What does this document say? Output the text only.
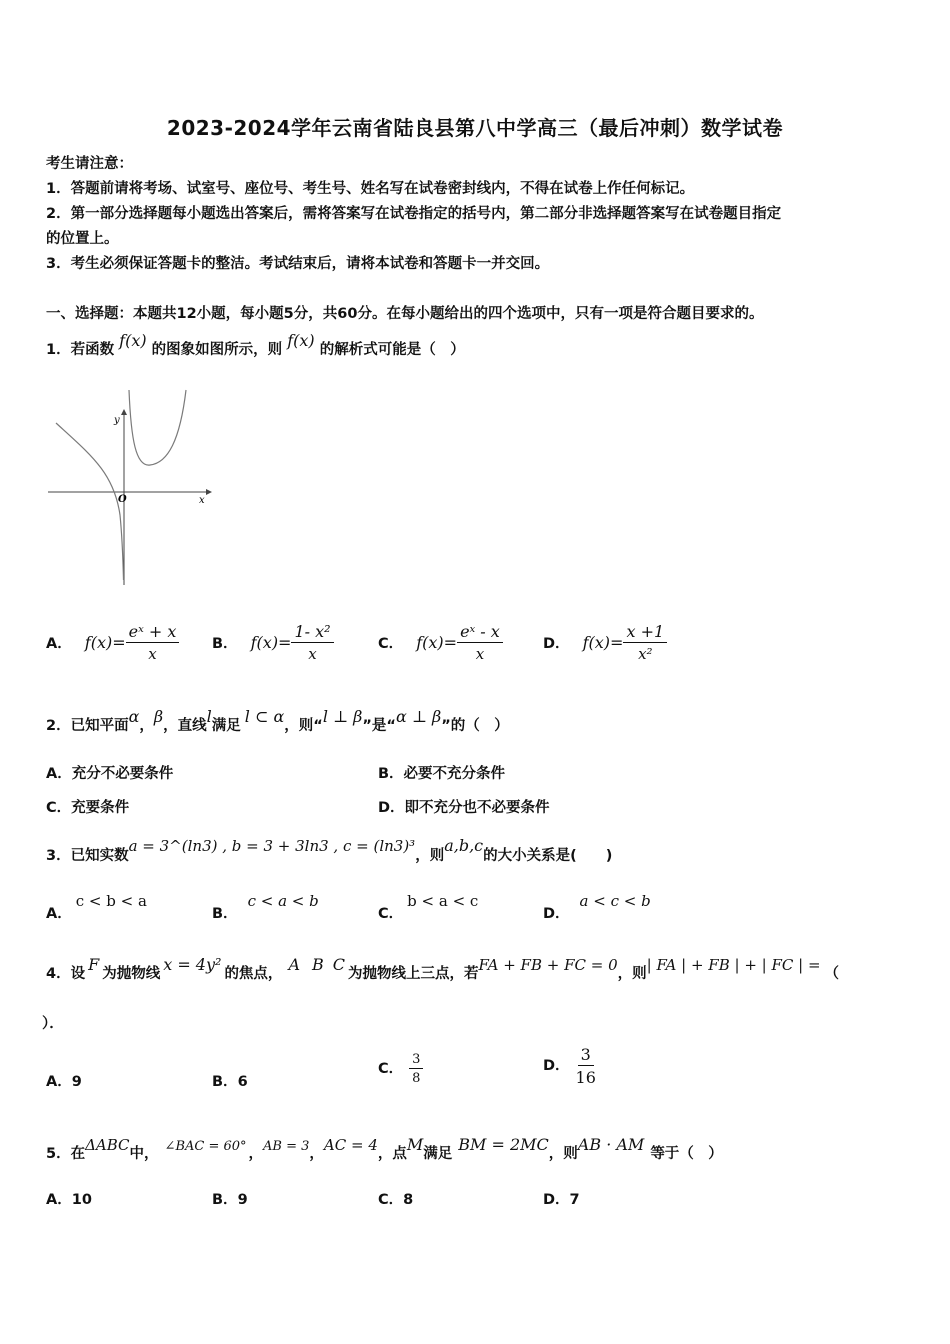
2023-2024学年云南省陆良县第八中学高三（最后冲刺）数学试卷
考生请注意：
1．答题前请将考场、试室号、座位号、考生号、姓名写在试卷密封线内，不得在试卷上作任何标记。
2．第一部分选择题每小题选出答案后，需将答案写在试卷指定的括号内，第二部分非选择题答案写在试卷题目指定
的位置上。
3．考生必须保证答题卡的整洁。考试结束后，请将本试卷和答题卡一并交回。
一、选择题：本题共12小题，每小题5分，共60分。在每小题给出的四个选项中，只有一项是符合题目要求的。
1．若函数 f(x) 的图象如图所示，则 f(x) 的解析式可能是（　）
y
x
O
A． $f(x)= \frac{\text{eˣ + x}}{x}$ B． $f(x)= \frac{\text{1- x²}}{x}$	C． $f(x)= \frac{\text{eˣ - x}}{x}$	D． $f(x)= \frac{x +1}{\text{x²}}$
2．已知平面α，β，直线l满足 l ⊂ α，则“l ⊥ β”是“α ⊥ β”的（　）
A．充分不必要条件	B．必要不充分条件
C．充要条件	D．即不充分也不必要条件
3．已知实数a = 3^(ln3) , b = 3 + 3ln3 , c = (ln3)³，则a,b,c的大小关系是(　　)
A．c < b < a
B．c < a < b
C．b < a < c
D．a < c < b
4．设 F 为抛物线 x = 4y² 的焦点， A B C 为抛物线上三点，若FA + FB + FC = 0，则| FA | + FB | + | FC | = （
）．
A．9	B．6
C． $\frac{3}{8}$	D． $\frac{3}{16}$
5．在ΔABC中， ∠BAC = 60° ，AB = 3，AC = 4，点M满足 BM = 2MC，则AB · AM 等于（　）
A．10	B．9	C．8	D．7
